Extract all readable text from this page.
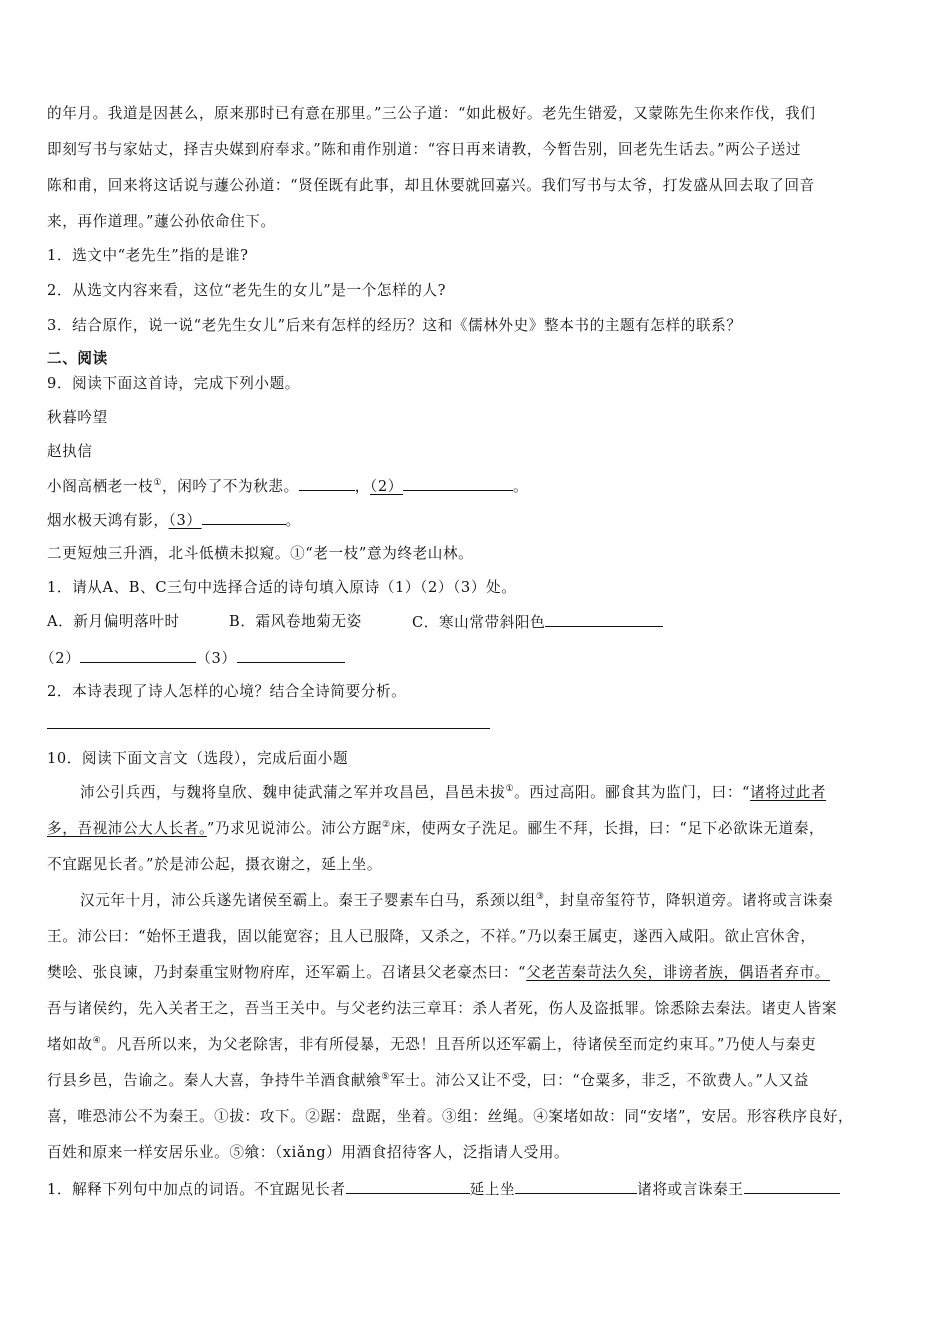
的年月。我道是因甚么，原来那时已有意在那里。”三公子道：“如此极好。老先生错爱，又蒙陈先生你来作伐，我们
即刻写书与家姑丈，择吉央媒到府奉求。”陈和甫作别道：“容日再来请教，今暂告别，回老先生话去。”两公子送过
陈和甫，回来将这话说与蘧公孙道：“贤侄既有此事，却且休要就回嘉兴。我们写书与太爷，打发盛从回去取了回音
来，再作道理。”蘧公孙依命住下。
1．选文中“老先生”指的是谁?
2．从选文内容来看，这位“老先生的女儿”是一个怎样的人?
3．结合原作，说一说“老先生女儿”后来有怎样的经历？这和《儒林外史》整本书的主题有怎样的联系？
二、阅读
9．阅读下面这首诗，完成下列小题。
秋暮吟望
赵执信
小阁高栖老一枝①，闲吟了不为秋悲。	，（2）	。
烟水极天鸿有影，（3）	。
二更短烛三升酒，北斗低横未拟窥。①“老一枝”意为终老山林。
1．请从A、B、C三句中选择合适的诗句填入原诗（1）（2）（3）处。
A．新月偏明落叶时	B．霜风卷地菊无姿	C．寒山常带斜阳色
（2）	（3）
2．本诗表现了诗人怎样的心境？结合全诗简要分析。
10．阅读下面文言文（选段），完成后面小题
沛公引兵西，与魏将皇欣、魏申徒武蒲之军并攻昌邑，昌邑未拔①。西过高阳。郦食其为监门，曰：“诸将过此者
多，吾视沛公大人长者。”乃求见说沛公。沛公方踞②床，使两女子洗足。郦生不拜，长揖，曰：“足下必欲诛无道秦，
不宜踞见长者。”於是沛公起，摄衣谢之，延上坐。
汉元年十月，沛公兵遂先诸侯至霸上。秦王子婴素车白马，系颈以组③，封皇帝玺符节，降轵道旁。诸将或言诛秦
王。沛公曰：“始怀王遣我，固以能宽容；且人已服降，又杀之，不祥。”乃以秦王属吏，遂西入咸阳。欲止宫休舍，
樊哙、张良谏，乃封秦重宝财物府库，还军霸上。召诸县父老豪杰曰：“父老苦秦苛法久矣，诽谤者族，偶语者弃市。
吾与诸侯约，先入关者王之，吾当王关中。与父老约法三章耳：杀人者死，伤人及盗抵罪。馀悉除去秦法。诸吏人皆案
堵如故④。凡吾所以来，为父老除害，非有所侵暴，无恐！且吾所以还军霸上，待诸侯至而定约束耳。”乃使人与秦吏
行县乡邑，告谕之。秦人大喜，争持牛羊酒食献飨⑤军士。沛公又让不受，曰：“仓粟多，非乏，不欲费人。”人又益
喜，唯恐沛公不为秦王。①拔：攻下。②踞：盘踞，坐着。③组：丝绳。④案堵如故：同“安堵”，安居。形容秩序良好，
百姓和原来一样安居乐业。⑤飨：（xiǎng）用酒食招待客人，泛指请人受用。
1．解释下列句中加点的词语。不宜踞见长者	延上坐	诸将或言诛秦王
